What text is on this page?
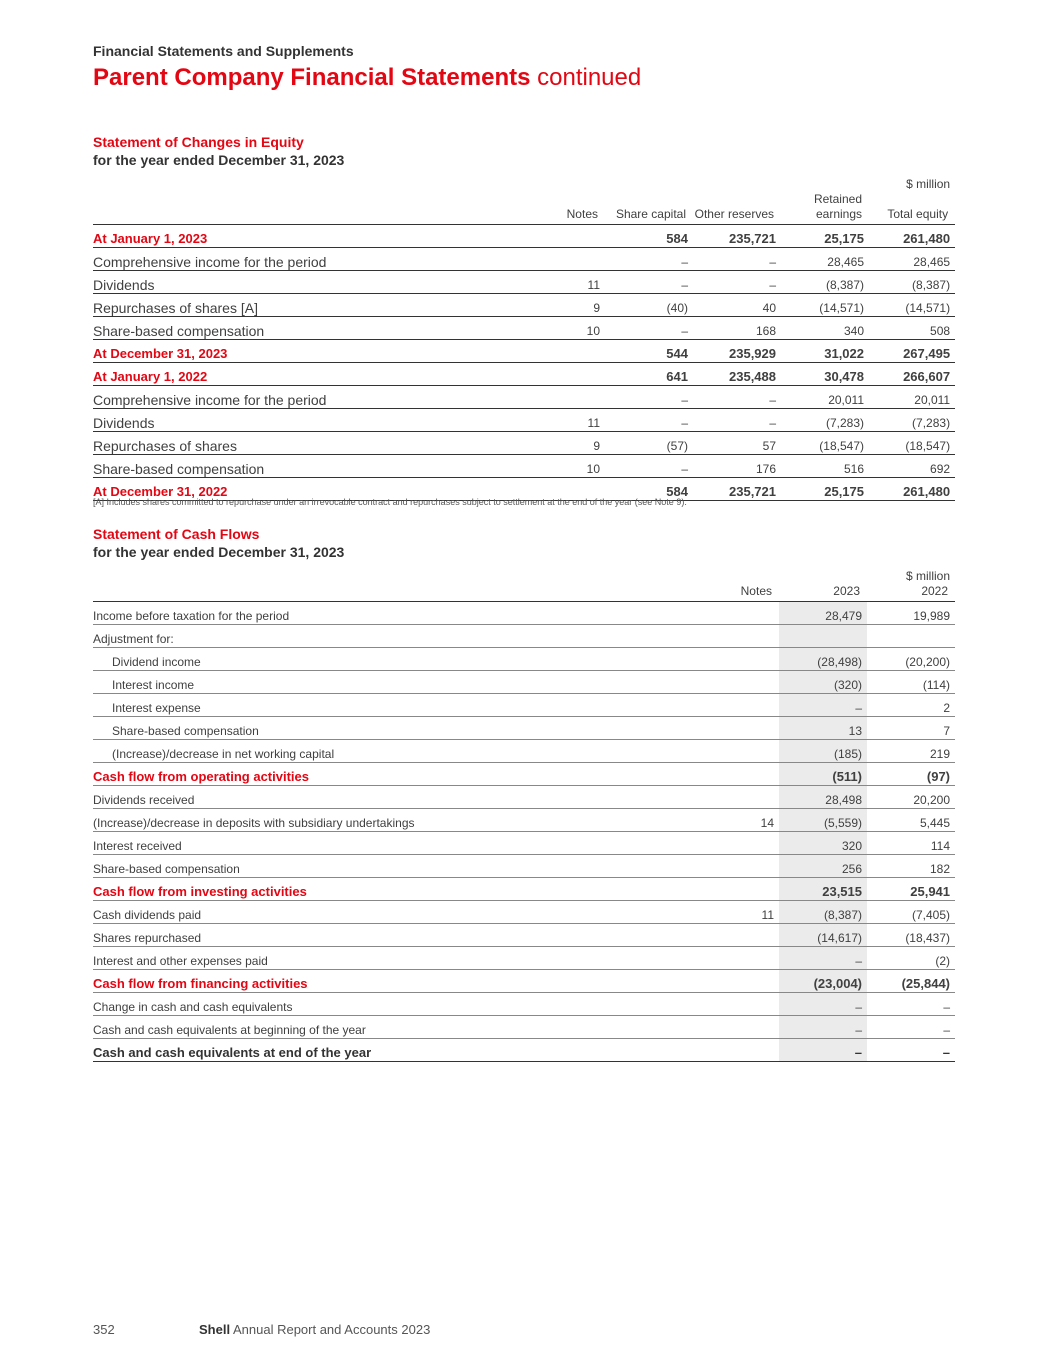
Financial Statements and Supplements
Parent Company Financial Statements continued
Statement of Changes in Equity
for the year ended December 31, 2023
$ million					
	Notes	Share capital	Other reserves	Retained earnings	Total equity
At January 1, 2023		584	235,721	25,175	261,480
Comprehensive income for the period		–	–	28,465	28,465
Dividends	11	–	–	(8,387)	(8,387)
Repurchases of shares [A]	9	(40)	40	(14,571)	(14,571)
Share-based compensation	10	–	168	340	508
At December 31, 2023		544	235,929	31,022	267,495
At January 1, 2022		641	235,488	30,478	266,607
Comprehensive income for the period		–	–	20,011	20,011
Dividends	11	–	–	(7,283)	(7,283)
Repurchases of shares	9	(57)	57	(18,547)	(18,547)
Share-based compensation	10	–	176	516	692
At December 31, 2022		584	235,721	25,175	261,480
[A] Includes shares committed to repurchase under an irrevocable contract and repurchases subject to settlement at the end of the year (see Note 9).
Statement of Cash Flows
for the year ended December 31, 2023
$ million			
	Notes	2023	2022
Income before taxation for the period		28,479	19,989
Adjustment for:			
Dividend income		(28,498)	(20,200)
Interest income		(320)	(114)
Interest expense		–	2
Share-based compensation		13	7
(Increase)/decrease in net working capital		(185)	219
Cash flow from operating activities		(511)	(97)
Dividends received		28,498	20,200
(Increase)/decrease in deposits with subsidiary undertakings	14	(5,559)	5,445
Interest received		320	114
Share-based compensation		256	182
Cash flow from investing activities		23,515	25,941
Cash dividends paid	11	(8,387)	(7,405)
Shares repurchased		(14,617)	(18,437)
Interest and other expenses paid		–	(2)
Cash flow from financing activities		(23,004)	(25,844)
Change in cash and cash equivalents		–	–
Cash and cash equivalents at beginning of the year		–	–
Cash and cash equivalents at end of the year		–	–
352	Shell Annual Report and Accounts 2023
